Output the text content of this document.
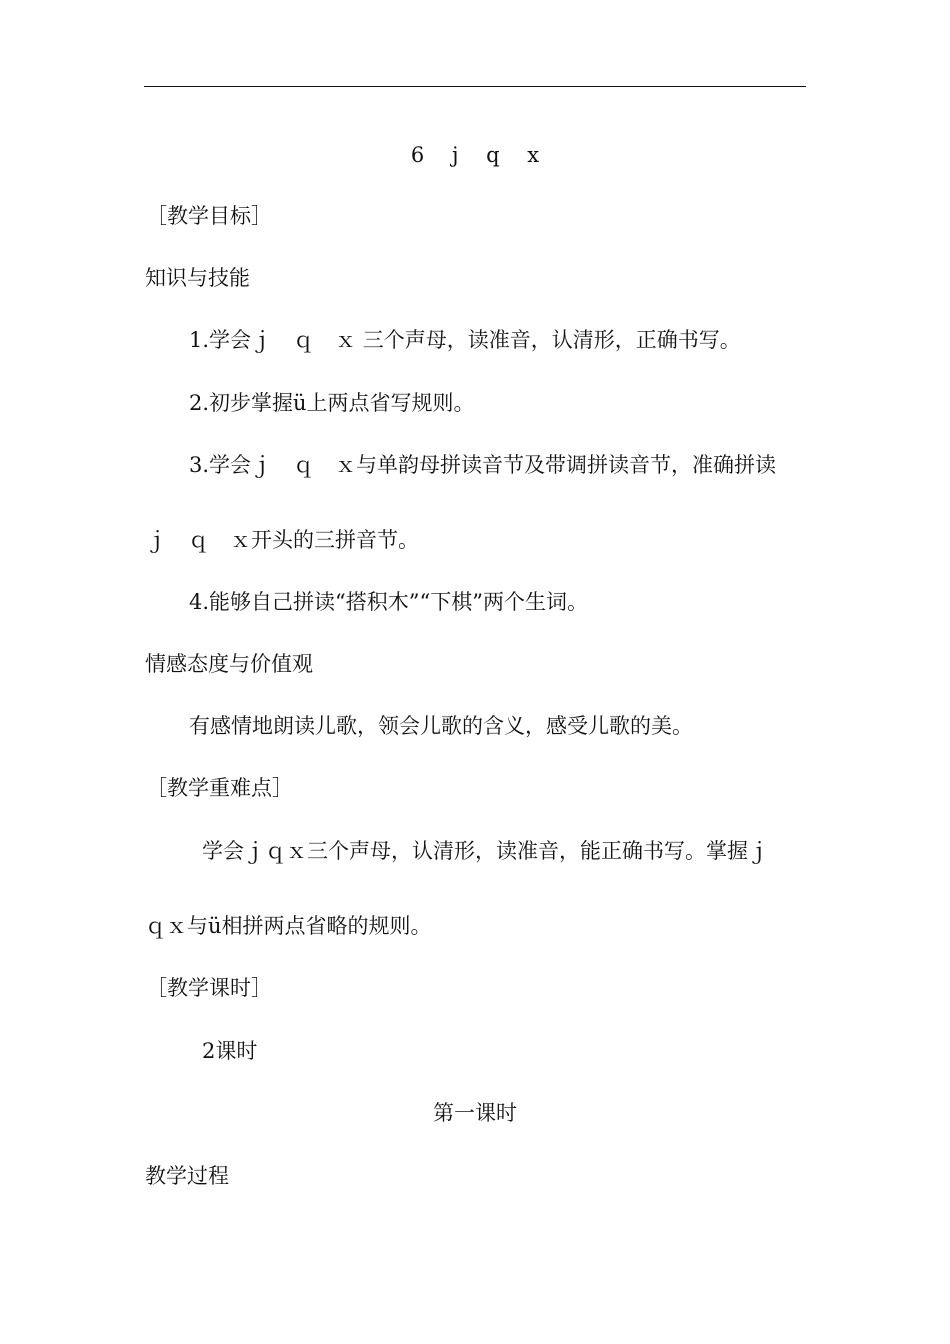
6　 j　 q　 x
［教学目标］
知识与技能
1.学会ｊ　ｑ　ｘ 三个声母，读准音，认清形，正确书写。
2.初步掌握ü上两点省写规则。
3.学会ｊ　ｑ　ｘ与单韵母拼读音节及带调拼读音节，准确拼读
ｊ　ｑ　ｘ开头的三拼音节。
4.能够自己拼读“搭积木”“下棋”两个生词。
情感态度与价值观
有感情地朗读儿歌，领会儿歌的含义，感受儿歌的美。
［教学重难点］
学会ｊｑｘ三个声母，认清形，读准音，能正确书写。掌握ｊ
ｑｘ与ü相拼两点省略的规则。
［教学课时］
2课时
第一课时
教学过程
